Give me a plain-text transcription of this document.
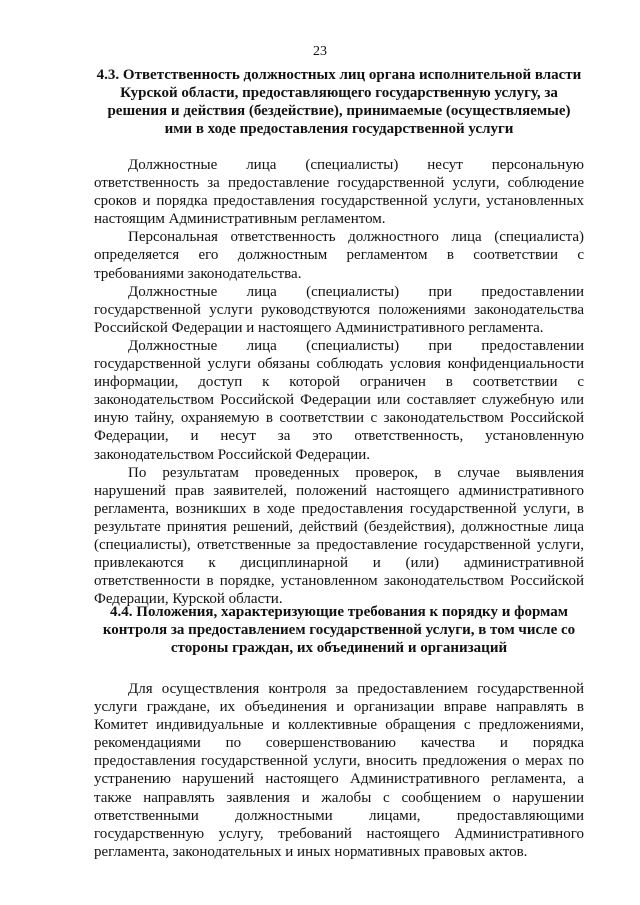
23

4.3. Ответственность должностных лиц органа исполнительной власти Курской области, предоставляющего государственную услугу, за решения и действия (бездействие), принимаемые (осуществляемые) ими в ходе предоставления государственной услуги

Должностные лица (специалисты) несут персональную ответственность за предоставление государственной услуги, соблюдение сроков и порядка предоставления государственной услуги, установленных настоящим Административным регламентом.

Персональная ответственность должностного лица (специалиста) определяется его должностным регламентом в соответствии с требованиями законодательства.

Должностные лица (специалисты) при предоставлении государственной услуги руководствуются положениями законодательства Российской Федерации и настоящего Административного регламента.

Должностные лица (специалисты) при предоставлении государственной услуги обязаны соблюдать условия конфиденциальности информации, доступ к которой ограничен в соответствии с законодательством Российской Федерации или составляет служебную или иную тайну, охраняемую в соответствии с законодательством Российской Федерации, и несут за это ответственность, установленную законодательством Российской Федерации.

По результатам проведенных проверок, в случае выявления нарушений прав заявителей, положений настоящего административного регламента, возникших в ходе предоставления государственной услуги, в результате принятия решений, действий (бездействия), должностные лица (специалисты), ответственные за предоставление государственной услуги, привлекаются к дисциплинарной и (или) административной ответственности в порядке, установленном законодательством Российской Федерации, Курской области.

4.4. Положения, характеризующие требования к порядку и формам контроля за предоставлением государственной услуги, в том числе со стороны граждан, их объединений и организаций

Для осуществления контроля за предоставлением государственной услуги граждане, их объединения и организации вправе направлять в Комитет индивидуальные и коллективные обращения с предложениями, рекомендациями по совершенствованию качества и порядка предоставления государственной услуги, вносить предложения о мерах по устранению нарушений настоящего Административного регламента, а также направлять заявления и жалобы с сообщением о нарушении ответственными должностными лицами, предоставляющими государственную услугу, требований настоящего Административного регламента, законодательных и иных нормативных правовых актов.
